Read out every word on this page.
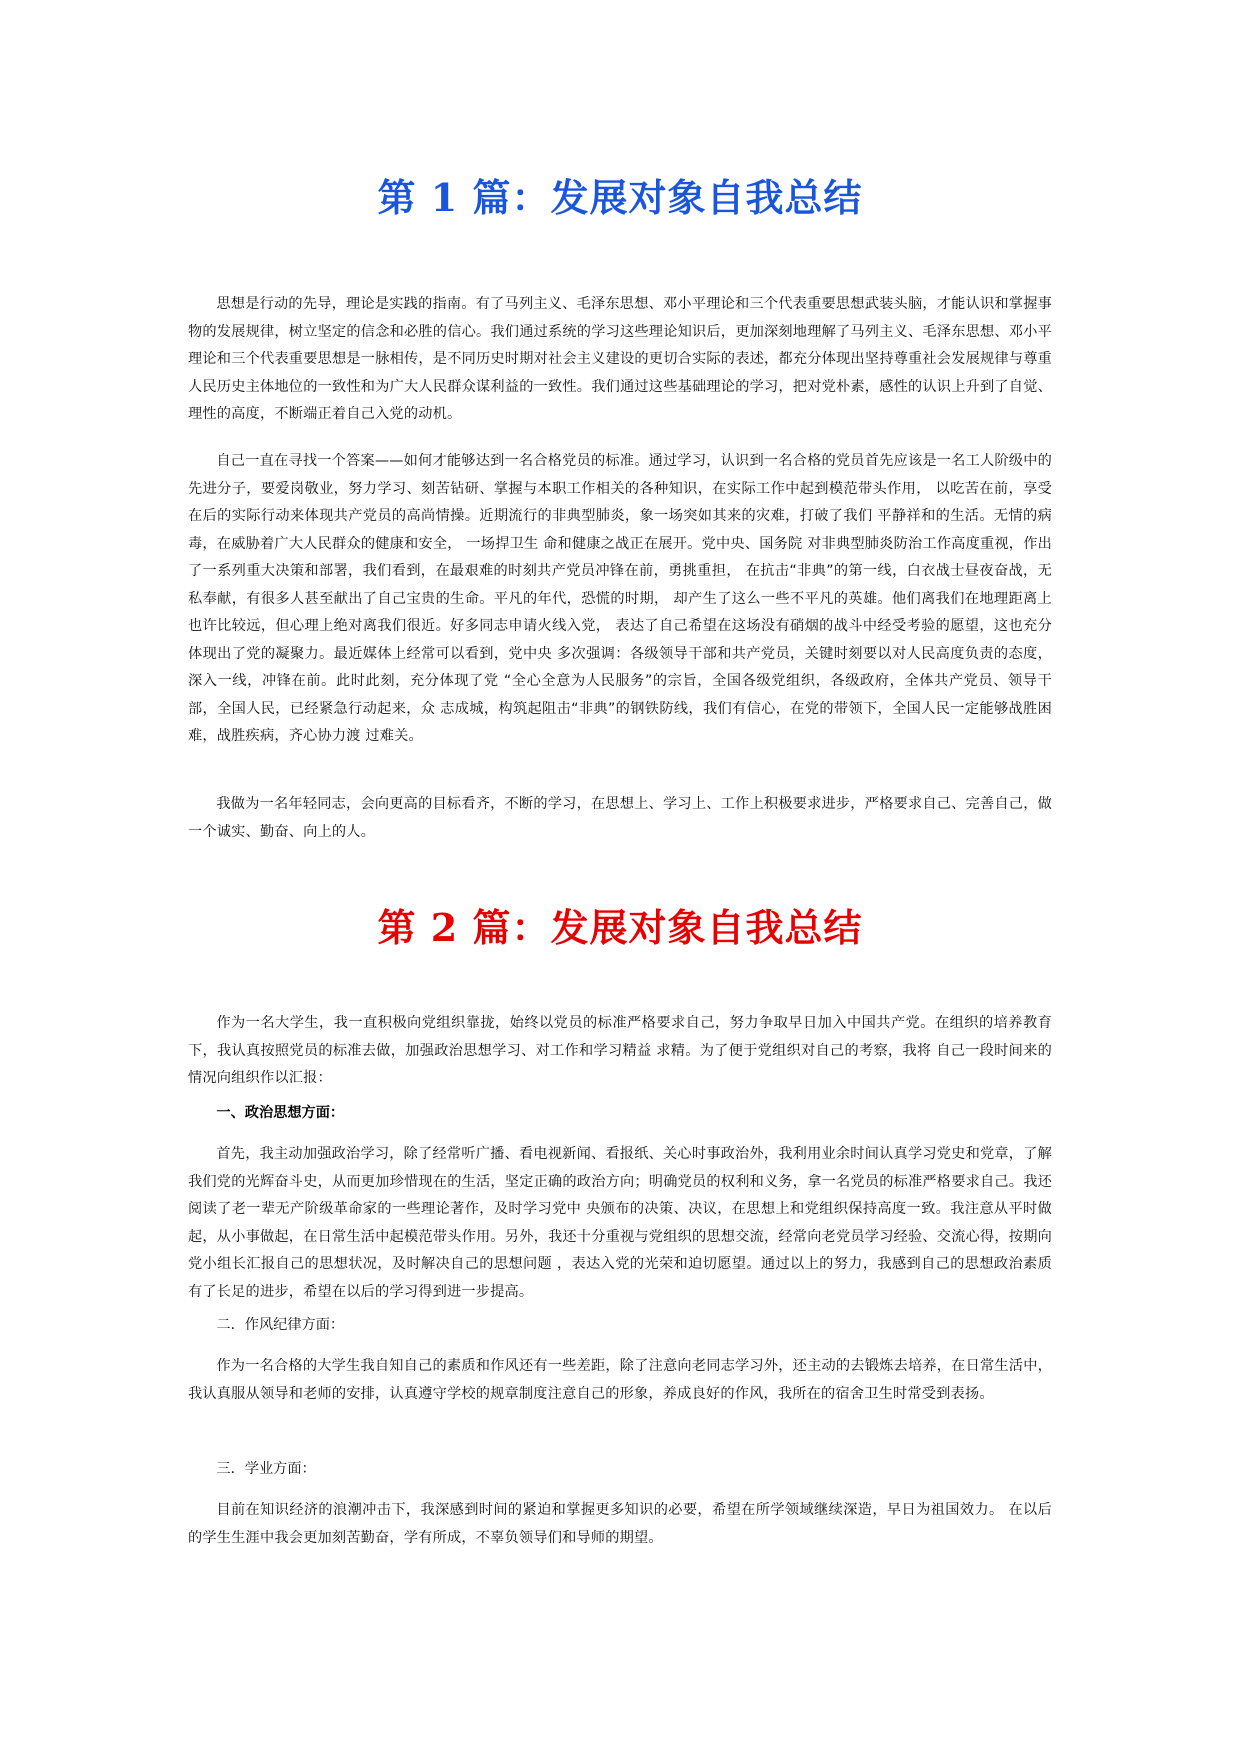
第 1 篇：发展对象自我总结

思想是行动的先导，理论是实践的指南。有了马列主义、毛泽东思想、邓小平理论和三个代表重要思想武装头脑，才能认识和掌握事物的发展规律，树立坚定的信念和必胜的信心。我们通过系统的学习这些理论知识后，更加深刻地理解了马列主义、毛泽东思想、邓小平理论和三个代表重要思想是一脉相传，是不同历史时期对社会主义建设的更切合实际的表述，都充分体现出坚持尊重社会发展规律与尊重人民历史主体地位的一致性和为广大人民群众谋利益的一致性。我们通过这些基础理论的学习，把对党朴素，感性的认识上升到了自觉、理性的高度，不断端正着自己入党的动机。

自己一直在寻找一个答案——如何才能够达到一名合格党员的标准。通过学习，认识到一名合格的党员首先应该是一名工人阶级中的先进分子，要爱岗敬业，努力学习、刻苦钻研、掌握与本职工作相关的各种知识，在实际工作中起到模范带头作用， 以吃苦在前，享受在后的实际行动来体现共产党员的高尚情操。近期流行的非典型肺炎，象一场突如其来的灾难，打破了我们 平静祥和的生活。无情的病毒，在威胁着广大人民群众的健康和安全， 一场捍卫生 命和健康之战正在展开。党中央、国务院 对非典型肺炎防治工作高度重视，作出了一系列重大决策和部署，我们看到，在最艰难的时刻共产党员冲锋在前，勇挑重担， 在抗击“非典”的第一线，白衣战士昼夜奋战，无私奉献，有很多人甚至献出了自己宝贵的生命。平凡的年代，恐慌的时期， 却产生了这么一些不平凡的英雄。他们离我们在地理距离上也许比较远，但心理上绝对离我们很近。好多同志申请火线入党， 表达了自己希望在这场没有硝烟的战斗中经受考验的愿望，这也充分体现出了党的凝聚力。最近媒体上经常可以看到，党中央 多次强调：各级领导干部和共产党员，关键时刻要以对人民高度负责的态度，深入一线，冲锋在前。此时此刻，充分体现了党 “全心全意为人民服务”的宗旨，全国各级党组织，各级政府，全体共产党员、领导干部，全国人民，已经紧急行动起来，众 志成城，构筑起阻击“非典”的钢铁防线，我们有信心，在党的带领下，全国人民一定能够战胜困难，战胜疾病，齐心协力渡 过难关。

我做为一名年轻同志，会向更高的目标看齐，不断的学习，在思想上、学习上、工作上积极要求进步，严格要求自己、完善自己，做一个诚实、勤奋、向上的人。

第 2 篇：发展对象自我总结

作为一名大学生，我一直积极向党组织靠拢，始终以党员的标准严格要求自己，努力争取早日加入中国共产党。在组织的培养教育下，我认真按照党员的标准去做，加强政治思想学习、对工作和学习精益 求精。为了便于党组织对自己的考察，我将 自己一段时间来的情况向组织作以汇报：

一、政治思想方面：

首先，我主动加强政治学习，除了经常听广播、看电视新闻、看报纸、关心时事政治外，我利用业余时间认真学习党史和党章，了解我们党的光辉奋斗史，从而更加珍惜现在的生活，坚定正确的政治方向；明确党员的权利和义务，拿一名党员的标准严格要求自己。我还阅读了老一辈无产阶级革命家的一些理论著作，及时学习党中 央颁布的决策、决议，在思想上和党组织保持高度一致。我注意从平时做起，从小事做起，在日常生活中起模范带头作用。另外，我还十分重视与党组织的思想交流，经常向老党员学习经验、交流心得，按期向党小组长汇报自己的思想状况，及时解决自己的思想问题 ，表达入党的光荣和迫切愿望。通过以上的努力，我感到自己的思想政治素质有了长足的进步，希望在以后的学习得到进一步提高。

二．作风纪律方面：

作为一名合格的大学生我自知自己的素质和作风还有一些差距，除了注意向老同志学习外，还主动的去锻炼去培养，在日常生活中，我认真服从领导和老师的安排，认真遵守学校的规章制度注意自己的形象，养成良好的作风，我所在的宿舍卫生时常受到表扬。

三．学业方面：

目前在知识经济的浪潮冲击下，我深感到时间的紧迫和掌握更多知识的必要，希望在所学领域继续深造，早日为祖国效力。 在以后的学生生涯中我会更加刻苦勤奋，学有所成，不辜负领导们和导师的期望。
